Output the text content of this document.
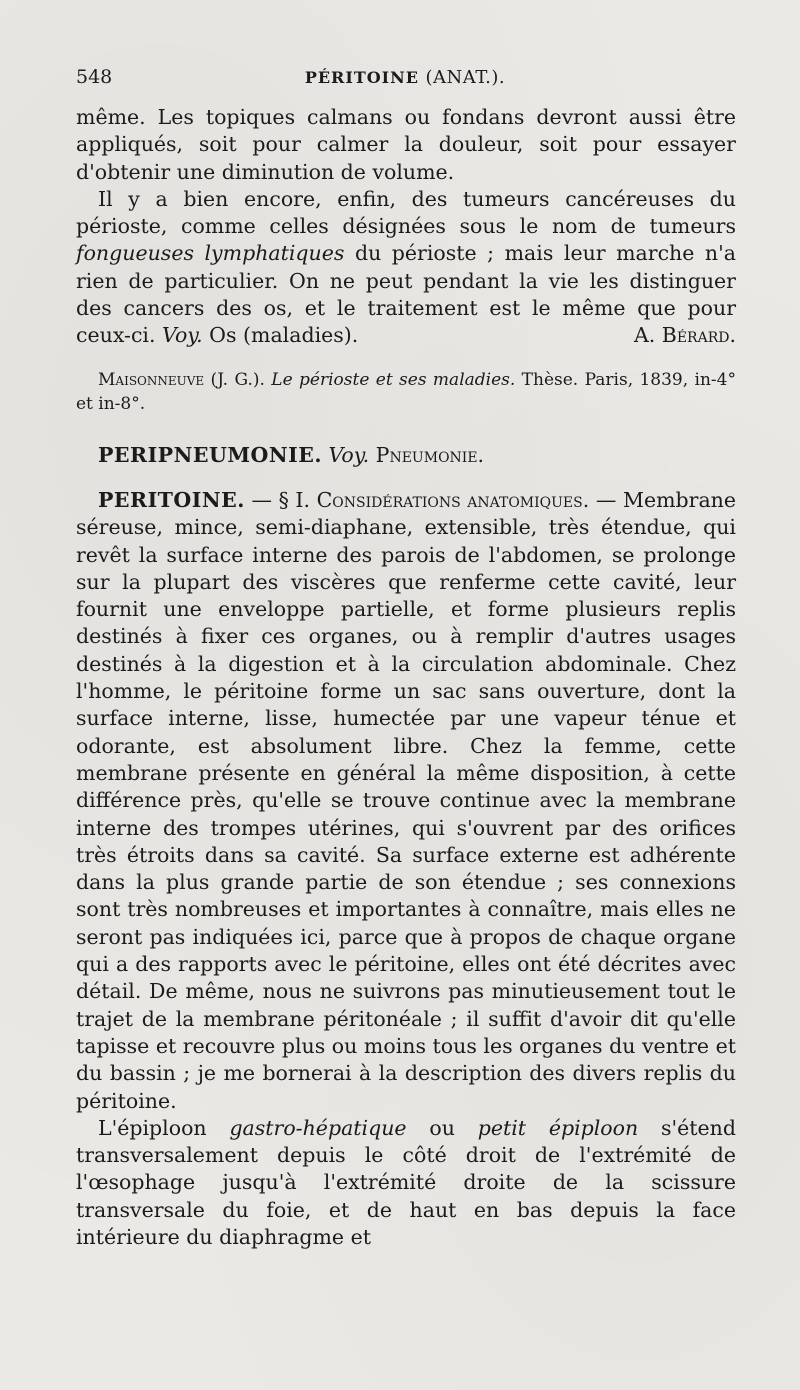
548	PÉRITOINE (ANAT.).

même. Les topiques calmans ou fondans devront aussi être appliqués, soit pour calmer la douleur, soit pour essayer d'obtenir une diminution de volume.

Il y a bien encore, enfin, des tumeurs cancéreuses du périoste, comme celles désignées sous le nom de tumeurs fongueuses lymphatiques du périoste ; mais leur marche n'a rien de particulier. On ne peut pendant la vie les distinguer des cancers des os, et le traitement est le même que pour ceux-ci. Voy. Os (maladies).	A. Bérard.

Maisonneuve (J. G.). Le périoste et ses maladies. Thèse. Paris, 1839, in-4° et in-8°.

PERIPNEUMONIE. Voy. Pneumonie.

PERITOINE. — § I. Considérations anatomiques. — Membrane séreuse, mince, semi-diaphane, extensible, très étendue, qui revêt la surface interne des parois de l'abdomen, se prolonge sur la plupart des viscères que renferme cette cavité, leur fournit une enveloppe partielle, et forme plusieurs replis destinés à fixer ces organes, ou à remplir d'autres usages destinés à la digestion et à la circulation abdominale. Chez l'homme, le péritoine forme un sac sans ouverture, dont la surface interne, lisse, humectée par une vapeur ténue et odorante, est absolument libre. Chez la femme, cette membrane présente en général la même disposition, à cette différence près, qu'elle se trouve continue avec la membrane interne des trompes utérines, qui s'ouvrent par des orifices très étroits dans sa cavité. Sa surface externe est adhérente dans la plus grande partie de son étendue ; ses connexions sont très nombreuses et importantes à connaître, mais elles ne seront pas indiquées ici, parce que à propos de chaque organe qui a des rapports avec le péritoine, elles ont été décrites avec détail. De même, nous ne suivrons pas minutieusement tout le trajet de la membrane péritonéale ; il suffit d'avoir dit qu'elle tapisse et recouvre plus ou moins tous les organes du ventre et du bassin ; je me bornerai à la description des divers replis du péritoine.

L'épiploon gastro-hépatique ou petit épiploon s'étend transversalement depuis le côté droit de l'extrémité de l'œsophage jusqu'à l'extrémité droite de la scissure transversale du foie, et de haut en bas depuis la face intérieure du diaphragme et
